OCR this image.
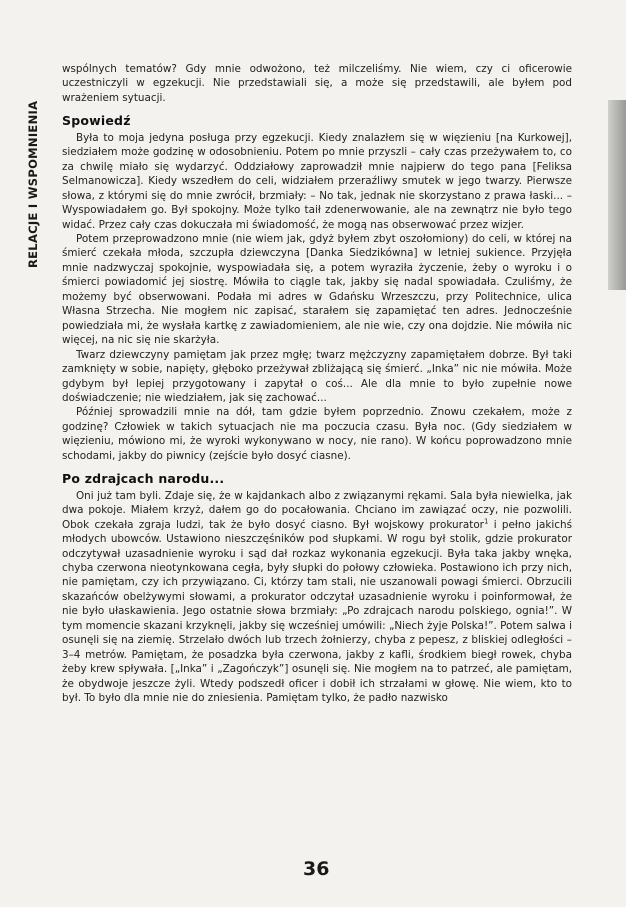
RELACJE I WSPOMNIENIA

wspólnych tematów? Gdy mnie odwożono, też milczeliśmy. Nie wiem, czy ci oficerowie uczestniczyli w egzekucji. Nie przedstawiali się, a może się przedstawili, ale byłem pod wrażeniem sytuacji.

Spowiedź

Była to moja jedyna posługa przy egzekucji. Kiedy znalazłem się w więzieniu [na Kurkowej], siedziałem może godzinę w odosobnieniu. Potem po mnie przyszli – cały czas przeżywałem to, co za chwilę miało się wydarzyć. Oddziałowy zaprowadził mnie najpierw do tego pana [Feliksa Selmanowicza]. Kiedy wszedłem do celi, widziałem przeraźliwy smutek w jego twarzy. Pierwsze słowa, z którymi się do mnie zwrócił, brzmiały: – No tak, jednak nie skorzystano z prawa łaski... – Wyspowiadałem go. Był spokojny. Może tylko taił zdenerwowanie, ale na zewnątrz nie było tego widać. Przez cały czas dokuczała mi świadomość, że mogą nas obserwować przez wizjer.

Potem przeprowadzono mnie (nie wiem jak, gdyż byłem zbyt oszołomiony) do celi, w której na śmierć czekała młoda, szczupła dziewczyna [Danka Siedzikówna] w letniej sukience. Przyjęła mnie nadzwyczaj spokojnie, wyspowiadała się, a potem wyraziła życzenie, żeby o wyroku i o śmierci powiadomić jej siostrę. Mówiła to ciągle tak, jakby się nadal spowiadała. Czuliśmy, że możemy być obserwowani. Podała mi adres w Gdańsku Wrzeszczu, przy Politechnice, ulica Własna Strzecha. Nie mogłem nic zapisać, starałem się zapamiętać ten adres. Jednocześnie powiedziała mi, że wysłała kartkę z zawiadomieniem, ale nie wie, czy ona dojdzie. Nie mówiła nic więcej, na nic się nie skarżyła.

Twarz dziewczyny pamiętam jak przez mgłę; twarz mężczyzny zapamiętałem dobrze. Był taki zamknięty w sobie, napięty, głęboko przeżywał zbliżającą się śmierć. „Inka” nic nie mówiła. Może gdybym był lepiej przygotowany i zapytał o coś... Ale dla mnie to było zupełnie nowe doświadczenie; nie wiedziałem, jak się zachować...

Później sprowadzili mnie na dół, tam gdzie byłem poprzednio. Znowu czekałem, może z godzinę? Człowiek w takich sytuacjach nie ma poczucia czasu. Była noc. (Gdy siedziałem w więzieniu, mówiono mi, że wyroki wykonywano w nocy, nie rano). W końcu poprowadzono mnie schodami, jakby do piwnicy (zejście było dosyć ciasne).

Po zdrajcach narodu...

Oni już tam byli. Zdaje się, że w kajdankach albo z związanymi rękami. Sala była niewielka, jak dwa pokoje. Miałem krzyż, dałem go do pocałowania. Chciano im zawiązać oczy, nie pozwolili. Obok czekała zgraja ludzi, tak że było dosyć ciasno. Był wojskowy prokurator$^1$ i pełno jakichś młodych ubowców. Ustawiono nieszczęśników pod słupkami. W rogu był stolik, gdzie prokurator odczytywał uzasadnienie wyroku i sąd dał rozkaz wykonania egzekucji. Była taka jakby wnęka, chyba czerwona nieotynkowana cegła, były słupki do połowy człowieka. Postawiono ich przy nich, nie pamiętam, czy ich przywiązano. Ci, którzy tam stali, nie uszanowali powagi śmierci. Obrzucili skazańców obelżywymi słowami, a prokurator odczytał uzasadnienie wyroku i poinformował, że nie było ułaskawienia. Jego ostatnie słowa brzmiały: „Po zdrajcach narodu polskiego, ognia!”. W tym momencie skazani krzyknęli, jakby się wcześniej umówili: „Niech żyje Polska!”. Potem salwa i osunęli się na ziemię. Strzelało dwóch lub trzech żołnierzy, chyba z pepesz, z bliskiej odległości – 3–4 metrów. Pamiętam, że posadzka była czerwona, jakby z kafli, środkiem biegł rowek, chyba żeby krew spływała. [„Inka” i „Zagończyk”] osunęli się. Nie mogłem na to patrzeć, ale pamiętam, że obydwoje jeszcze żyli. Wtedy podszedł oficer i dobił ich strzałami w głowę. Nie wiem, kto to był. To było dla mnie nie do zniesienia. Pamiętam tylko, że padło nazwisko

36
